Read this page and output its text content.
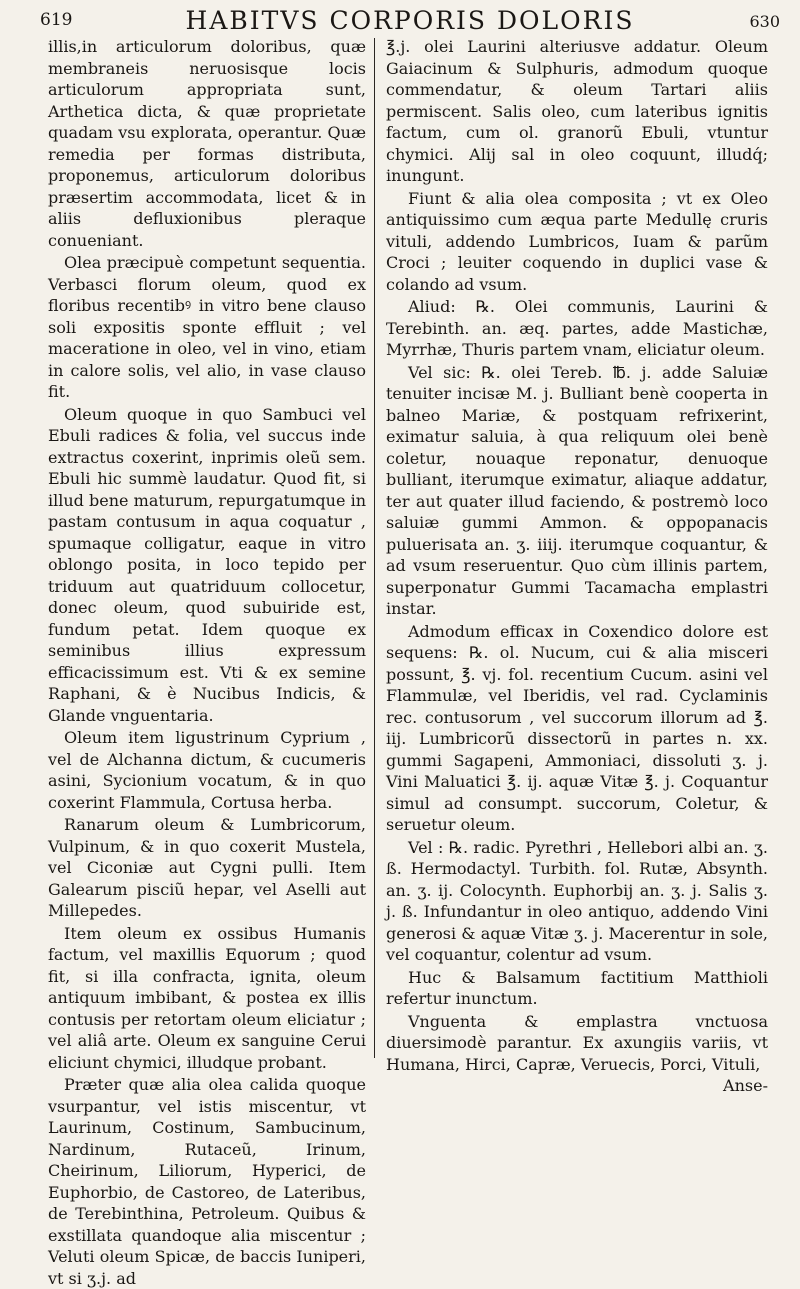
619	HABITVS CORPORIS DOLORIS	630

illis,in articulorum doloribus, quæ membraneis neruosisque locis articulorum appropriata sunt, Arthetica dicta, & quæ proprietate quadam vsu explorata, operantur. Quæ remedia per formas distributa, proponemus, articulorum doloribus præsertim accommodata, licet & in aliis defluxionibus pleraque conueniant.

Olea præcipuè competunt sequentia. Verbasci florum oleum, quod ex floribus recentibꝰ in vitro bene clauso soli expositis sponte effluit ; vel maceratione in oleo, vel in vino, etiam in calore solis, vel alio, in vase clauso fit.

Oleum quoque in quo Sambuci vel Ebuli radices & folia, vel succus inde extractus coxerint, inprimis oleũ sem. Ebuli hic summè laudatur. Quod fit, si illud bene maturum, repurgatumque in pastam contusum in aqua coquatur , spumaque colligatur, eaque in vitro oblongo posita, in loco tepido per triduum aut quatriduum collocetur, donec oleum, quod subuiride est, fundum petat. Idem quoque ex seminibus illius expressum efficacissimum est. Vti & ex semine Raphani, & è Nucibus Indicis, & Glande vnguentaria.

Oleum item ligustrinum Cyprium , vel de Alchanna dictum, & cucumeris asini, Sycionium vocatum, & in quo coxerint Flammula, Cortusa herba.

Ranarum oleum & Lumbricorum, Vulpinum, & in quo coxerit Mustela, vel Ciconiæ aut Cygni pulli. Item Galearum pisciũ hepar, vel Aselli aut Millepedes.

Item oleum ex ossibus Humanis factum, vel maxillis Equorum ; quod fit, si illa confracta, ignita, oleum antiquum imbibant, & postea ex illis contusis per retortam oleum eliciatur ; vel aliâ arte. Oleum ex sanguine Cerui eliciunt chymici, illudque probant.

Præter quæ alia olea calida quoque vsurpantur, vel istis miscentur, vt Laurinum, Costinum, Sambucinum, Nardinum, Rutaceũ, Irinum, Cheirinum, Liliorum, Hyperici, de Euphorbio, de Castoreo, de Lateribus, de Terebinthina, Petroleum. Quibus & exstillata quandoque alia miscentur ; Veluti oleum Spicæ, de baccis Iuniperi, vt si ʒ.j. ad

℥.j. olei Laurini alteriusve addatur. Oleum Gaiacinum & Sulphuris, admodum quoque commendatur, & oleum Tartari aliis permiscent. Salis oleo, cum lateribus ignitis factum, cum ol. granorũ Ebuli, vtuntur chymici. Alij sal in oleo coquunt, illudq́; inungunt.

Fiunt & alia olea composita ; vt ex Oleo antiquissimo cum æqua parte Medullę cruris vituli, addendo Lumbricos, Iuam & parũm Croci ; leuiter coquendo in duplici vase & colando ad vsum.

Aliud: ℞. Olei communis, Laurini & Terebinth. an. æq. partes, adde Mastichæ, Myrrhæ, Thuris partem vnam, eliciatur oleum.

Vel sic: ℞. olei Tereb. ℔. j. adde Saluiæ tenuiter incisæ M. j. Bulliant benè cooperta in balneo Mariæ, & postquam refrixerint, eximatur saluia, à qua reliquum olei benè coletur, nouaque reponatur, denuoque bulliant, iterumque eximatur, aliaque addatur, ter aut quater illud faciendo, & postremò loco saluiæ gummi Ammon. & oppopanacis puluerisata an. ʒ. iiij. iterumque coquantur, & ad vsum reseruentur. Quo cùm illinis partem, superponatur Gummi Tacamacha emplastri instar.

Admodum efficax in Coxendico dolore est sequens: ℞. ol. Nucum, cui & alia misceri possunt, ℥. vj. fol. recentium Cucum. asini vel Flammulæ, vel Iberidis, vel rad. Cyclaminis rec. contusorum , vel succorum illorum ad ℥. iij. Lumbricorũ dissectorũ in partes n. xx. gummi Sagapeni, Ammoniaci, dissoluti ʒ. j. Vini Maluatici ℥. ij. aquæ Vitæ ℥. j. Coquantur simul ad consumpt. succorum, Coletur, & seruetur oleum.

Vel : ℞. radic. Pyrethri , Hellebori albi an. ʒ. ß. Hermodactyl. Turbith. fol. Rutæ, Absynth. an. ʒ. ij. Colocynth. Euphorbij an. ʒ. j. Salis ʒ. j. ß. Infundantur in oleo antiquo, addendo Vini generosi & aquæ Vitæ ʒ. j. Macerentur in sole, vel coquantur, colentur ad vsum.

Huc & Balsamum factitium Matthioli refertur inunctum.

Vnguenta & emplastra vnctuosa diuersimodè parantur. Ex axungiis variis, vt Humana, Hirci, Capræ, Veruecis, Porci, Vituli,

Anse-
